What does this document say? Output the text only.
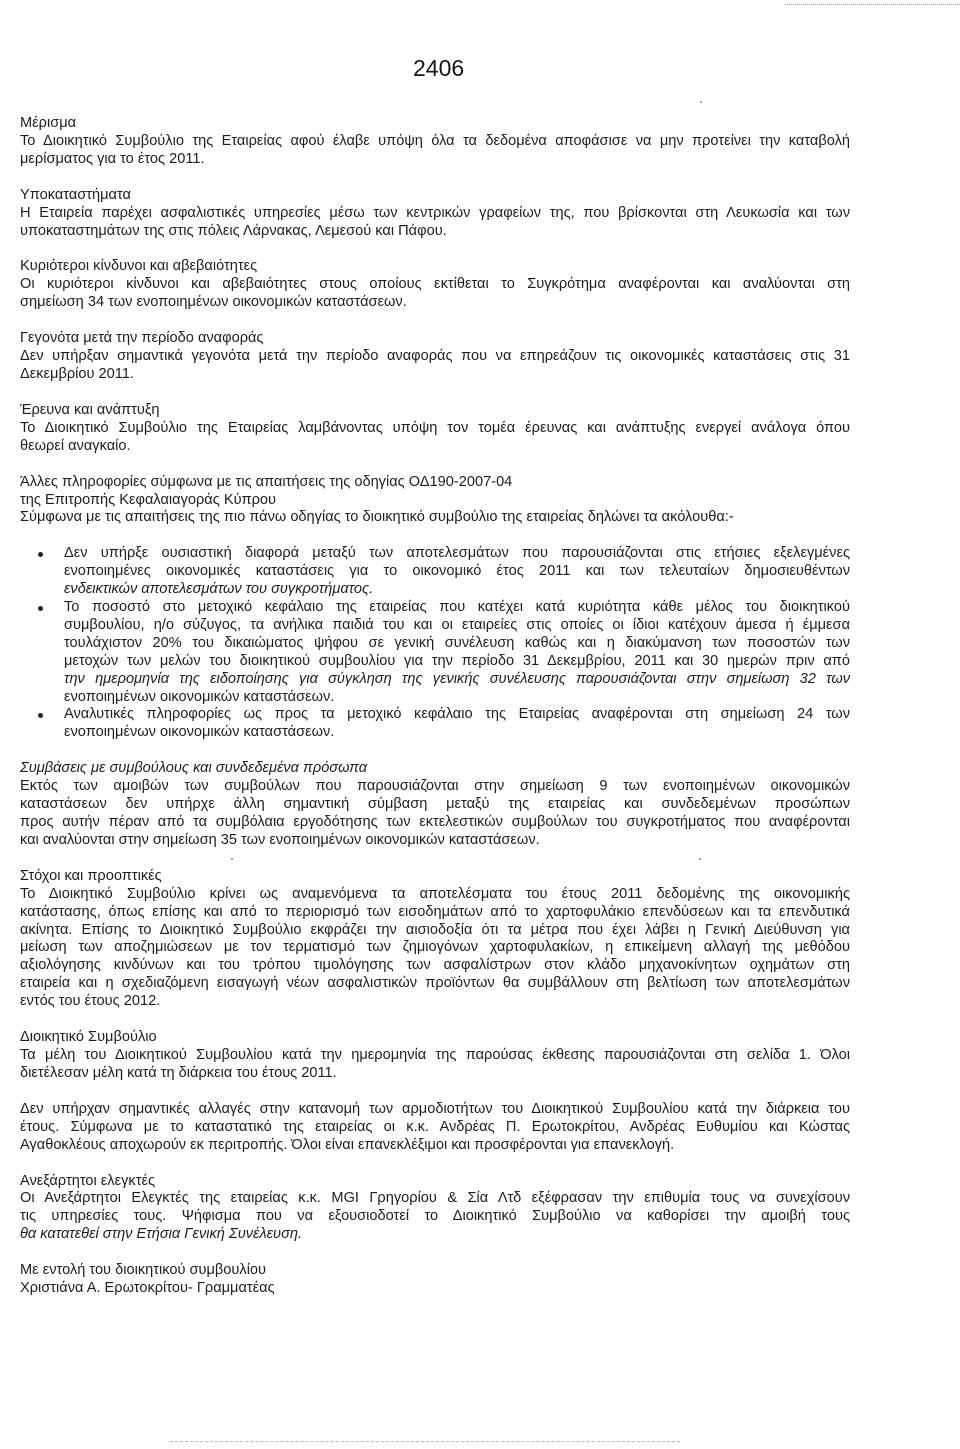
2406
Μέρισμα
Το Διοικητικό Συμβούλιο της Εταιρείας αφού έλαβε υπόψη όλα τα δεδομένα αποφάσισε να μην προτείνει την καταβολή
μερίσματος για το έτος 2011.
Υποκαταστήματα
Η Εταιρεία παρέχει ασφαλιστικές υπηρεσίες μέσω των κεντρικών γραφείων της, που βρίσκονται στη Λευκωσία και των
υποκαταστημάτων της στις πόλεις Λάρνακας, Λεμεσού και Πάφου.
Κυριότεροι κίνδυνοι και αβεβαιότητες
Οι κυριότεροι κίνδυνοι και αβεβαιότητες στους οποίους εκτίθεται το Συγκρότημα αναφέρονται και αναλύονται στη
σημείωση 34 των ενοποιημένων οικονομικών καταστάσεων.
Γεγονότα μετά την περίοδο αναφοράς
Δεν υπήρξαν σημαντικά γεγονότα μετά την περίοδο αναφοράς που να επηρεάζουν τις οικονομικές καταστάσεις στις 31
Δεκεμβρίου 2011.
Έρευνα και ανάπτυξη
Το Διοικητικό Συμβούλιο της Εταιρείας λαμβάνοντας υπόψη τον τομέα έρευνας και ανάπτυξης ενεργεί ανάλογα όπου
θεωρεί αναγκαίο.
Άλλες πληροφορίες σύμφωνα με τις απαιτήσεις της οδηγίας ΟΔ190-2007-04
της Επιτροπής Κεφαλαιαγοράς Κύπρου
Σύμφωνα με τις απαιτήσεις της πιο πάνω οδηγίας το διοικητικό συμβούλιο της εταιρείας δηλώνει τα ακόλουθα:-
Δεν υπήρξε ουσιαστική διαφορά μεταξύ των αποτελεσμάτων που παρουσιάζονται στις ετήσιες εξελεγμένες
ενοποιημένες οικονομικές καταστάσεις για το οικονομικό έτος 2011 και των τελευταίων δημοσιευθέντων
ενδεικτικών αποτελεσμάτων του συγκροτήματος.
Το ποσοστό στο μετοχικό κεφάλαιο της εταιρείας που κατέχει κατά κυριότητα κάθε μέλος του διοικητικού
συμβουλίου, η/ο σύζυγος, τα ανήλικα παιδιά του και οι εταιρείες στις οποίες οι ίδιοι κατέχουν άμεσα ή έμμεσα
τουλάχιστον 20% του δικαιώματος ψήφου σε γενική συνέλευση καθώς και η διακύμανση των ποσοστών των
μετοχών των μελών του διοικητικού συμβουλίου για την περίοδο 31 Δεκεμβρίου, 2011 και 30 ημερών πριν από
την ημερομηνία της ειδοποίησης για σύγκληση της γενικής συνέλευσης παρουσιάζονται στην σημείωση 32 των
ενοποιημένων οικονομικών καταστάσεων.
Αναλυτικές πληροφορίες ως προς τα μετοχικό κεφάλαιο της Εταιρείας αναφέρονται στη σημείωση 24 των
ενοποιημένων οικονομικών καταστάσεων.
Συμβάσεις με συμβούλους και συνδεδεμένα πρόσωπα
Εκτός των αμοιβών των συμβούλων που παρουσιάζονται στην σημείωση 9 των ενοποιημένων οικονομικών
καταστάσεων δεν υπήρχε άλλη σημαντική σύμβαση μεταξύ της εταιρείας και συνδεδεμένων προσώπων
προς αυτήν πέραν από τα συμβόλαια εργοδότησης των εκτελεστικών συμβούλων του συγκροτήματος που αναφέρονται
και αναλύονται στην σημείωση 35 των ενοποιημένων οικονομικών καταστάσεων.
Στόχοι και προοπτικές
Το Διοικητικό Συμβούλιο κρίνει ως αναμενόμενα τα αποτελέσματα του έτους 2011 δεδομένης της οικονομικής
κατάστασης, όπως επίσης και από το περιορισμό των εισοδημάτων από το χαρτοφυλάκιο επενδύσεων και τα επενδυτικά
ακίνητα. Επίσης το Διοικητικό Συμβούλιο εκφράζει την αισιοδοξία ότι τα μέτρα που έχει λάβει η Γενική Διεύθυνση για
μείωση των αποζημιώσεων με τον τερματισμό των ζημιογόνων χαρτοφυλακίων, η επικείμενη αλλαγή της μεθόδου
αξιολόγησης κινδύνων και του τρόπου τιμολόγησης των ασφαλίστρων στον κλάδο μηχανοκίνητων οχημάτων στη
εταιρεία και η σχεδιαζόμενη εισαγωγή νέων ασφαλιστικών προϊόντων θα συμβάλλουν στη βελτίωση των αποτελεσμάτων
εντός του έτους 2012.
Διοικητικό Συμβούλιο
Τα μέλη του Διοικητικού Συμβουλίου κατά την ημερομηνία της παρούσας έκθεσης παρουσιάζονται στη σελίδα 1. Όλοι
διετέλεσαν μέλη κατά τη διάρκεια του έτους 2011.
Δεν υπήρχαν σημαντικές αλλαγές στην κατανομή των αρμοδιοτήτων του Διοικητικού Συμβουλίου κατά την διάρκεια του
έτους. Σύμφωνα με το καταστατικό της εταιρείας οι κ.κ. Ανδρέας Π. Ερωτοκρίτου, Ανδρέας Ευθυμίου και Κώστας
Αγαθοκλέους αποχωρούν εκ περιτροπής. Όλοι είναι επανεκλέξιμοι και προσφέρονται για επανεκλογή.
Ανεξάρτητοι ελεγκτές
Οι Ανεξάρτητοι Ελεγκτές της εταιρείας κ.κ. MGI Γρηγορίου & Σία Λτδ εξέφρασαν την επιθυμία τους να συνεχίσουν
τις υπηρεσίες τους. Ψήφισμα που να εξουσιοδοτεί το Διοικητικό Συμβούλιο να καθορίσει την αμοιβή τους
θα κατατεθεί στην Ετήσια Γενική Συνέλευση.
Με εντολή του διοικητικού συμβουλίου
Χριστιάνα Α. Ερωτοκρίτου- Γραμματέας
